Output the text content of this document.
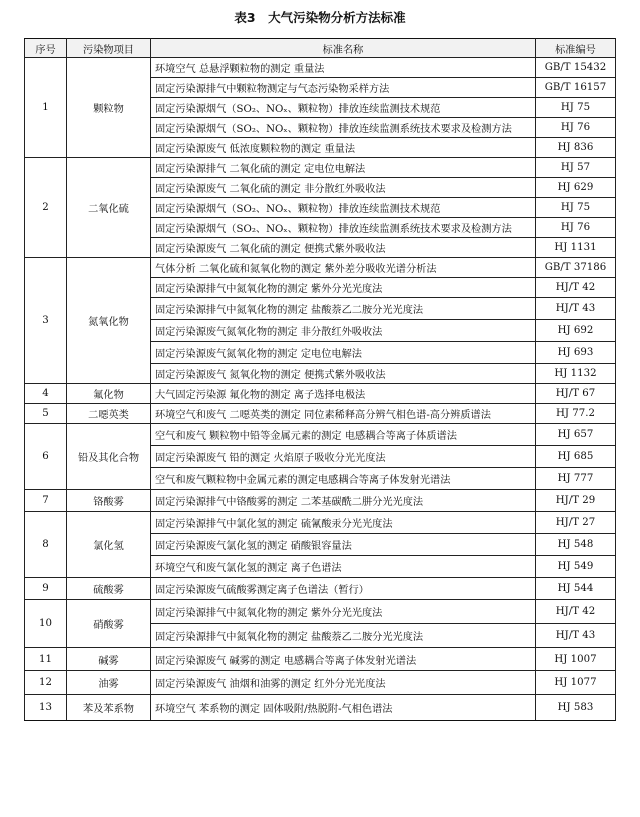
表3　大气污染物分析方法标准
序号	污染物项目	标准名称	标准编号
1	颗粒物	环境空气 总悬浮颗粒物的测定 重量法	GB/T 15432
		固定污染源排气中颗粒物测定与气态污染物采样方法	GB/T 16157
		固定污染源烟气（SO₂、NOₓ、颗粒物）排放连续监测技术规范	HJ 75
		固定污染源烟气（SO₂、NOₓ、颗粒物）排放连续监测系统技术要求及检测方法	HJ 76
		固定污染源废气 低浓度颗粒物的测定 重量法	HJ 836
2	二氧化硫	固定污染源排气 二氧化硫的测定 定电位电解法	HJ 57
		固定污染源废气 二氧化硫的测定 非分散红外吸收法	HJ 629
		固定污染源烟气（SO₂、NOₓ、颗粒物）排放连续监测技术规范	HJ 75
		固定污染源烟气（SO₂、NOₓ、颗粒物）排放连续监测系统技术要求及检测方法	HJ 76
		固定污染源废气 二氧化硫的测定 便携式紫外吸收法	HJ 1131
3	氮氧化物	气体分析 二氧化硫和氮氧化物的测定 紫外差分吸收光谱分析法	GB/T 37186
		固定污染源排气中氮氧化物的测定 紫外分光光度法	HJ/T 42
		固定污染源排气中氮氧化物的测定 盐酸萘乙二胺分光光度法	HJ/T 43
		固定污染源废气氮氧化物的测定 非分散红外吸收法	HJ 692
		固定污染源废气氮氧化物的测定 定电位电解法	HJ 693
		固定污染源废气 氮氧化物的测定 便携式紫外吸收法	HJ 1132
4	氟化物	大气固定污染源 氟化物的测定 离子选择电极法	HJ/T 67
5	二噁英类	环境空气和废气 二噁英类的测定 同位素稀释高分辨气相色谱-高分辨质谱法	HJ 77.2
6	铅及其化合物	空气和废气 颗粒物中铅等金属元素的测定 电感耦合等离子体质谱法	HJ 657
		固定污染源废气 铅的测定 火焰原子吸收分光光度法	HJ 685
		空气和废气颗粒物中金属元素的测定电感耦合等离子体发射光谱法	HJ 777
7	铬酸雾	固定污染源排气中铬酸雾的测定 二苯基碳酰二肼分光光度法	HJ/T 29
8	氯化氢	固定污染源排气中氯化氢的测定 硫氰酸汞分光光度法	HJ/T 27
		固定污染源废气氯化氢的测定 硝酸银容量法	HJ 548
		环境空气和废气氯化氢的测定 离子色谱法	HJ 549
9	硫酸雾	固定污染源废气硫酸雾测定离子色谱法（暂行）	HJ 544
10	硝酸雾	固定污染源排气中氮氧化物的测定 紫外分光光度法	HJ/T 42
		固定污染源排气中氮氧化物的测定 盐酸萘乙二胺分光光度法	HJ/T 43
11	碱雾	固定污染源废气 碱雾的测定 电感耦合等离子体发射光谱法	HJ 1007
12	油雾	固定污染源废气 油烟和油雾的测定 红外分光光度法	HJ 1077
13	苯及苯系物	环境空气 苯系物的测定 固体吸附/热脱附-气相色谱法	HJ 583
